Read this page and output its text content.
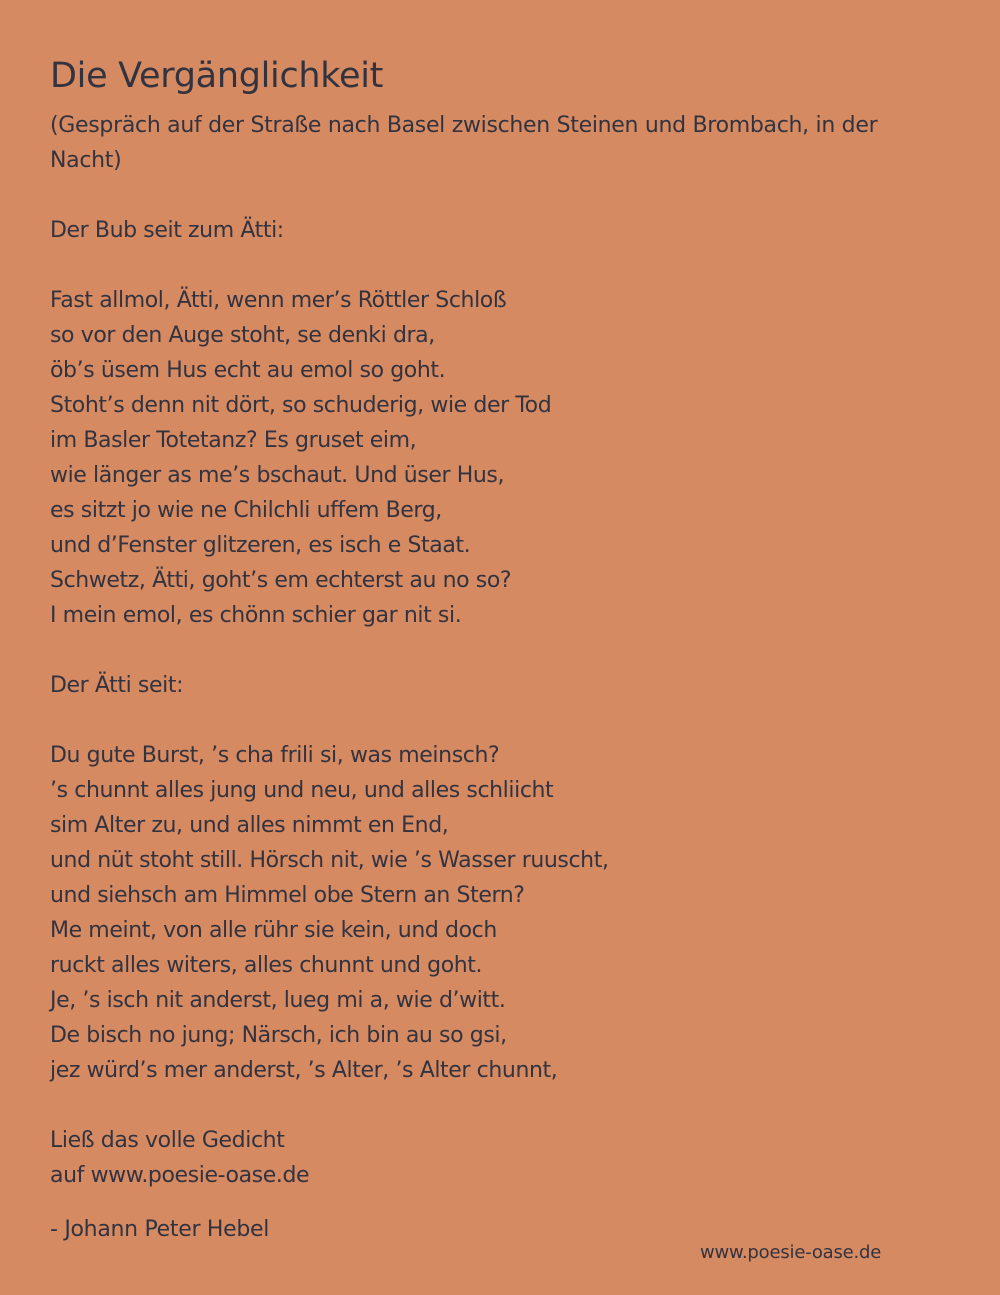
Die Vergänglichkeit

(Gespräch auf der Straße nach Basel zwischen Steinen und Brombach, in der Nacht)

Der Bub seit zum Ätti:

Fast allmol, Ätti, wenn mer’s Röttler Schloß

so vor den Auge stoht, se denki dra,

öb’s üsem Hus echt au emol so goht.

Stoht’s denn nit dört, so schuderig, wie der Tod

im Basler Totetanz? Es gruset eim,

wie länger as me’s bschaut. Und üser Hus,

es sitzt jo wie ne Chilchli uffem Berg,

und d’Fenster glitzeren, es isch e Staat.

Schwetz, Ätti, goht’s em echterst au no so?

I mein emol, es chönn schier gar nit si.

Der Ätti seit:

Du gute Burst, ’s cha frili si, was meinsch?

’s chunnt alles jung und neu, und alles schliicht

sim Alter zu, und alles nimmt en End,

und nüt stoht still. Hörsch nit, wie ’s Wasser ruuscht,

und siehsch am Himmel obe Stern an Stern?

Me meint, von alle rühr sie kein, und doch

ruckt alles witers, alles chunnt und goht.

Je, ’s isch nit anderst, lueg mi a, wie d’witt.

De bisch no jung; Närsch, ich bin au so gsi,

jez würd’s mer anderst, ’s Alter, ’s Alter chunnt,

Ließ das volle Gedicht

auf www.poesie-oase.de

- Johann Peter Hebel

www.poesie-oase.de
